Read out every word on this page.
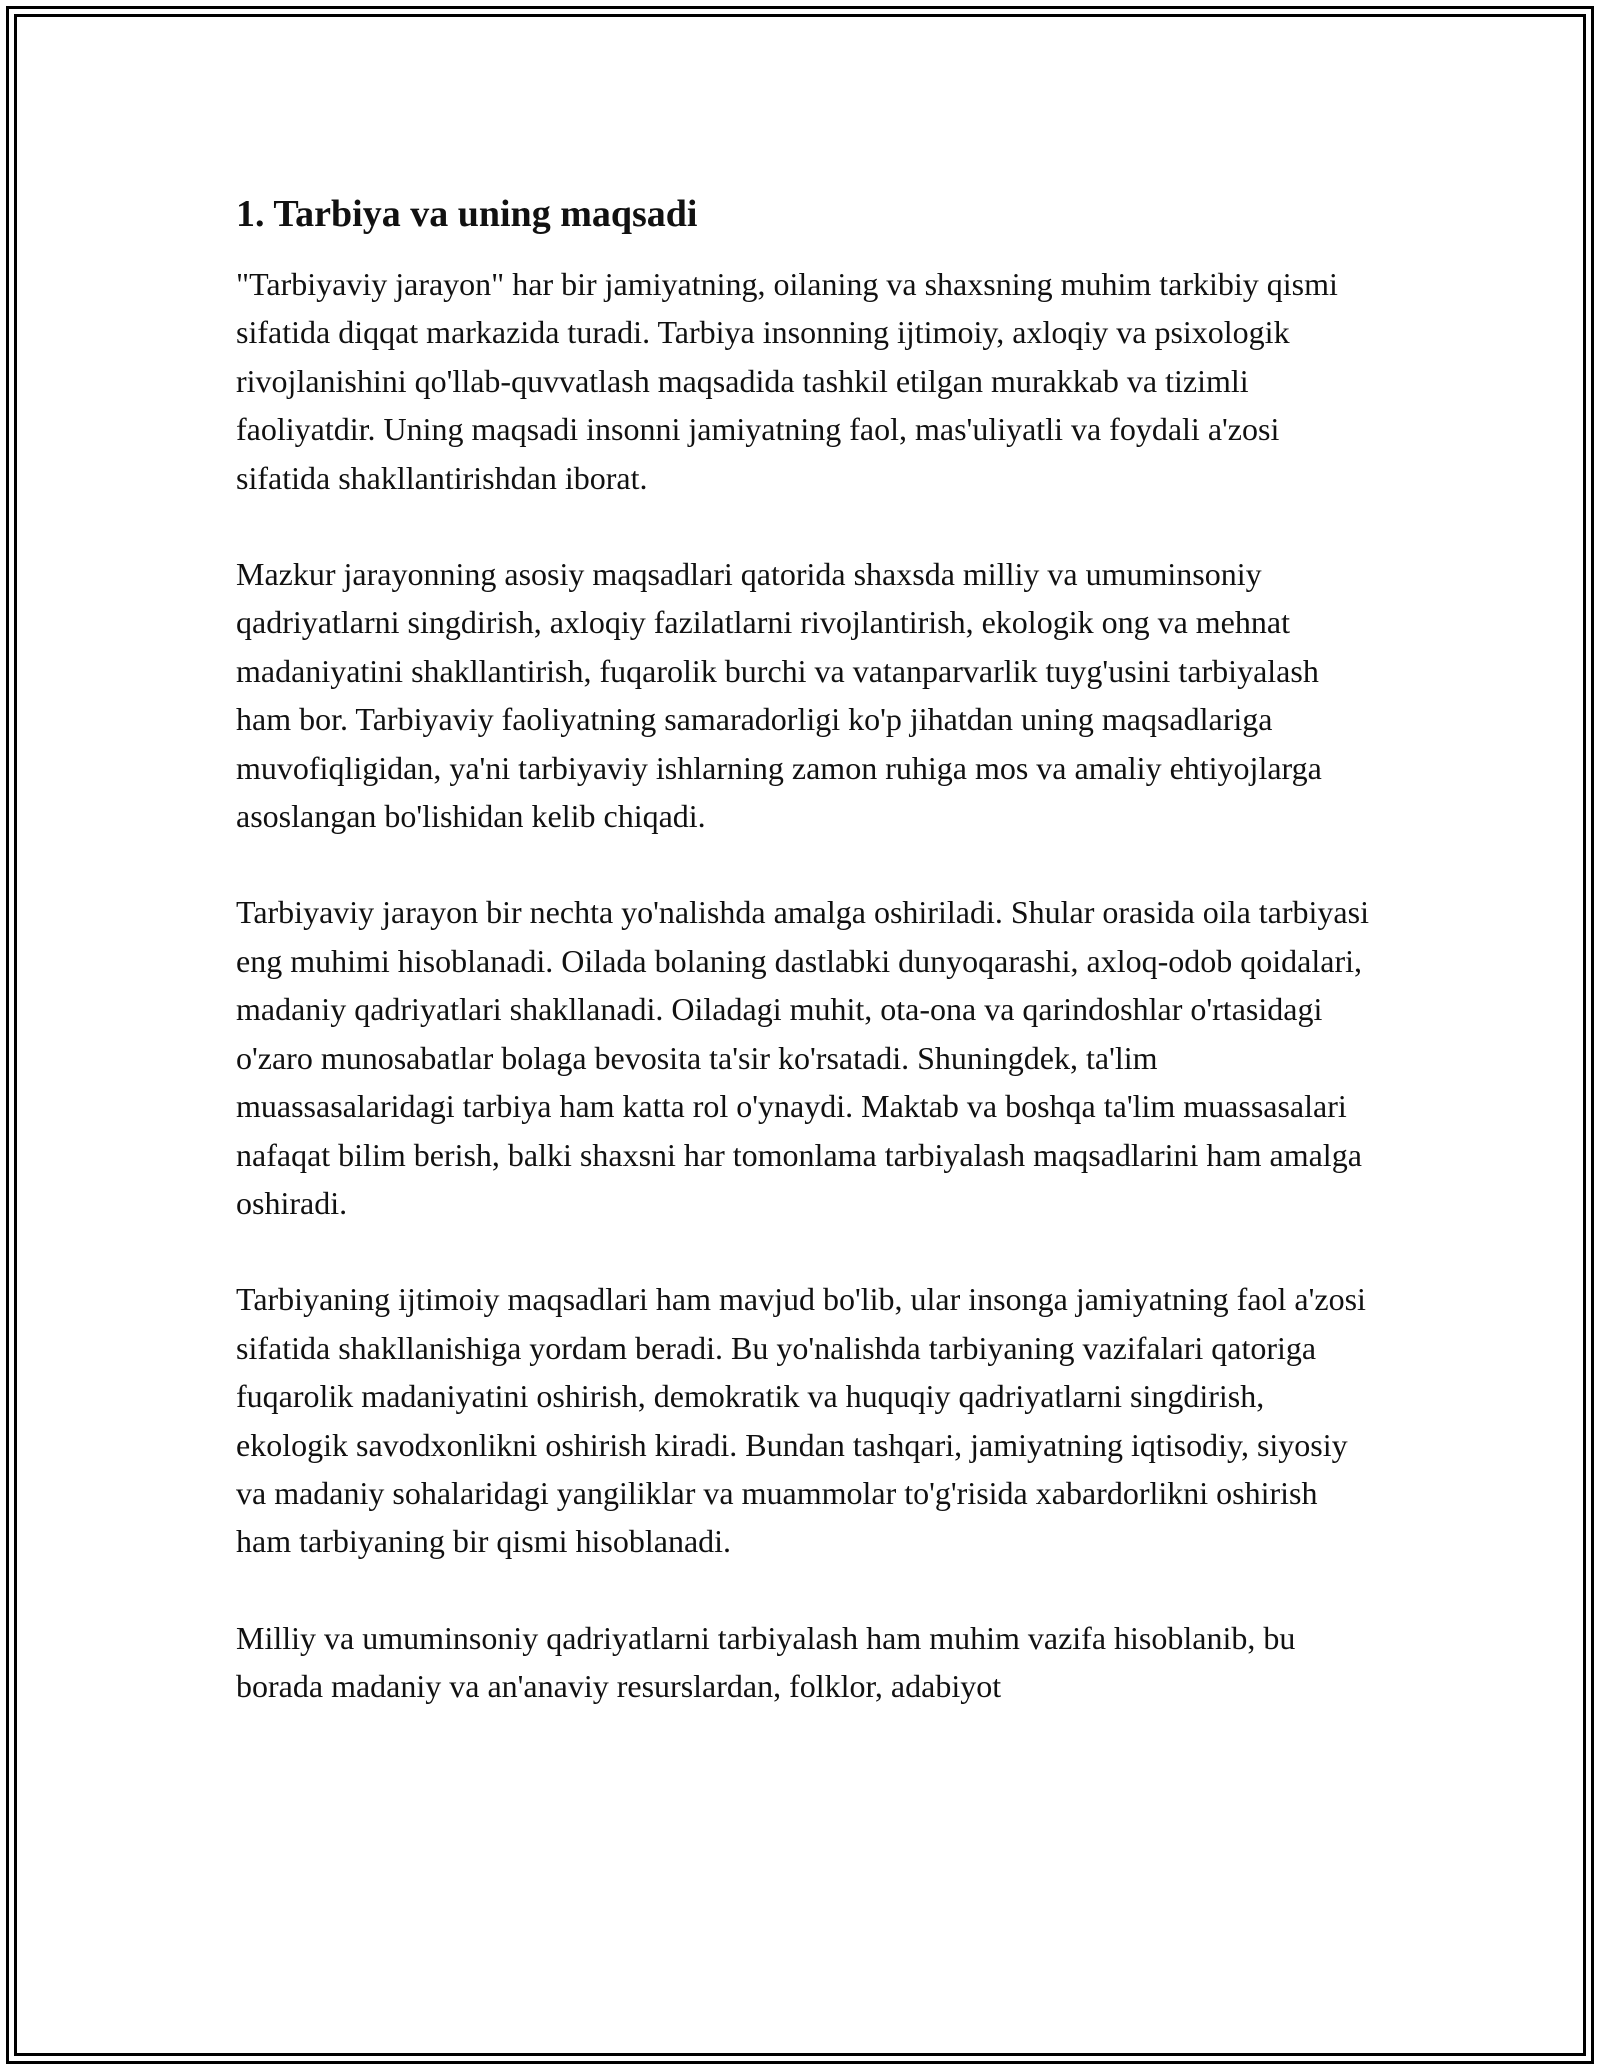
1. Tarbiya va uning maqsadi

"Tarbiyaviy jarayon" har bir jamiyatning, oilaning va shaxsning muhim tarkibiy qismi sifatida diqqat markazida turadi. Tarbiya insonning ijtimoiy, axloqiy va psixologik rivojlanishini qo'llab-quvvatlash maqsadida tashkil etilgan murakkab va tizimli faoliyatdir. Uning maqsadi insonni jamiyatning faol, mas'uliyatli va foydali a'zosi sifatida shakllantirishdan iborat.

Mazkur jarayonning asosiy maqsadlari qatorida shaxsda milliy va umuminsoniy qadriyatlarni singdirish, axloqiy fazilatlarni rivojlantirish, ekologik ong va mehnat madaniyatini shakllantirish, fuqarolik burchi va vatanparvarlik tuyg'usini tarbiyalash ham bor. Tarbiyaviy faoliyatning samaradorligi ko'p jihatdan uning maqsadlariga muvofiqligidan, ya'ni tarbiyaviy ishlarning zamon ruhiga mos va amaliy ehtiyojlarga asoslangan bo'lishidan kelib chiqadi.

Tarbiyaviy jarayon bir nechta yo'nalishda amalga oshiriladi. Shular orasida oila tarbiyasi eng muhimi hisoblanadi. Oilada bolaning dastlabki dunyoqarashi, axloq-odob qoidalari, madaniy qadriyatlari shakllanadi. Oiladagi muhit, ota-ona va qarindoshlar o'rtasidagi o'zaro munosabatlar bolaga bevosita ta'sir ko'rsatadi. Shuningdek, ta'lim muassasalaridagi tarbiya ham katta rol o'ynaydi. Maktab va boshqa ta'lim muassasalari nafaqat bilim berish, balki shaxsni har tomonlama tarbiyalash maqsadlarini ham amalga oshiradi.

Tarbiyaning ijtimoiy maqsadlari ham mavjud bo'lib, ular insonga jamiyatning faol a'zosi sifatida shakllanishiga yordam beradi. Bu yo'nalishda tarbiyaning vazifalari qatoriga fuqarolik madaniyatini oshirish, demokratik va huquqiy qadriyatlarni singdirish, ekologik savodxonlikni oshirish kiradi. Bundan tashqari, jamiyatning iqtisodiy, siyosiy va madaniy sohalaridagi yangiliklar va muammolar to'g'risida xabardorlikni oshirish ham tarbiyaning bir qismi hisoblanadi.

Milliy va umuminsoniy qadriyatlarni tarbiyalash ham muhim vazifa hisoblanib, bu borada madaniy va an'anaviy resurslardan, folklor, adabiyot
